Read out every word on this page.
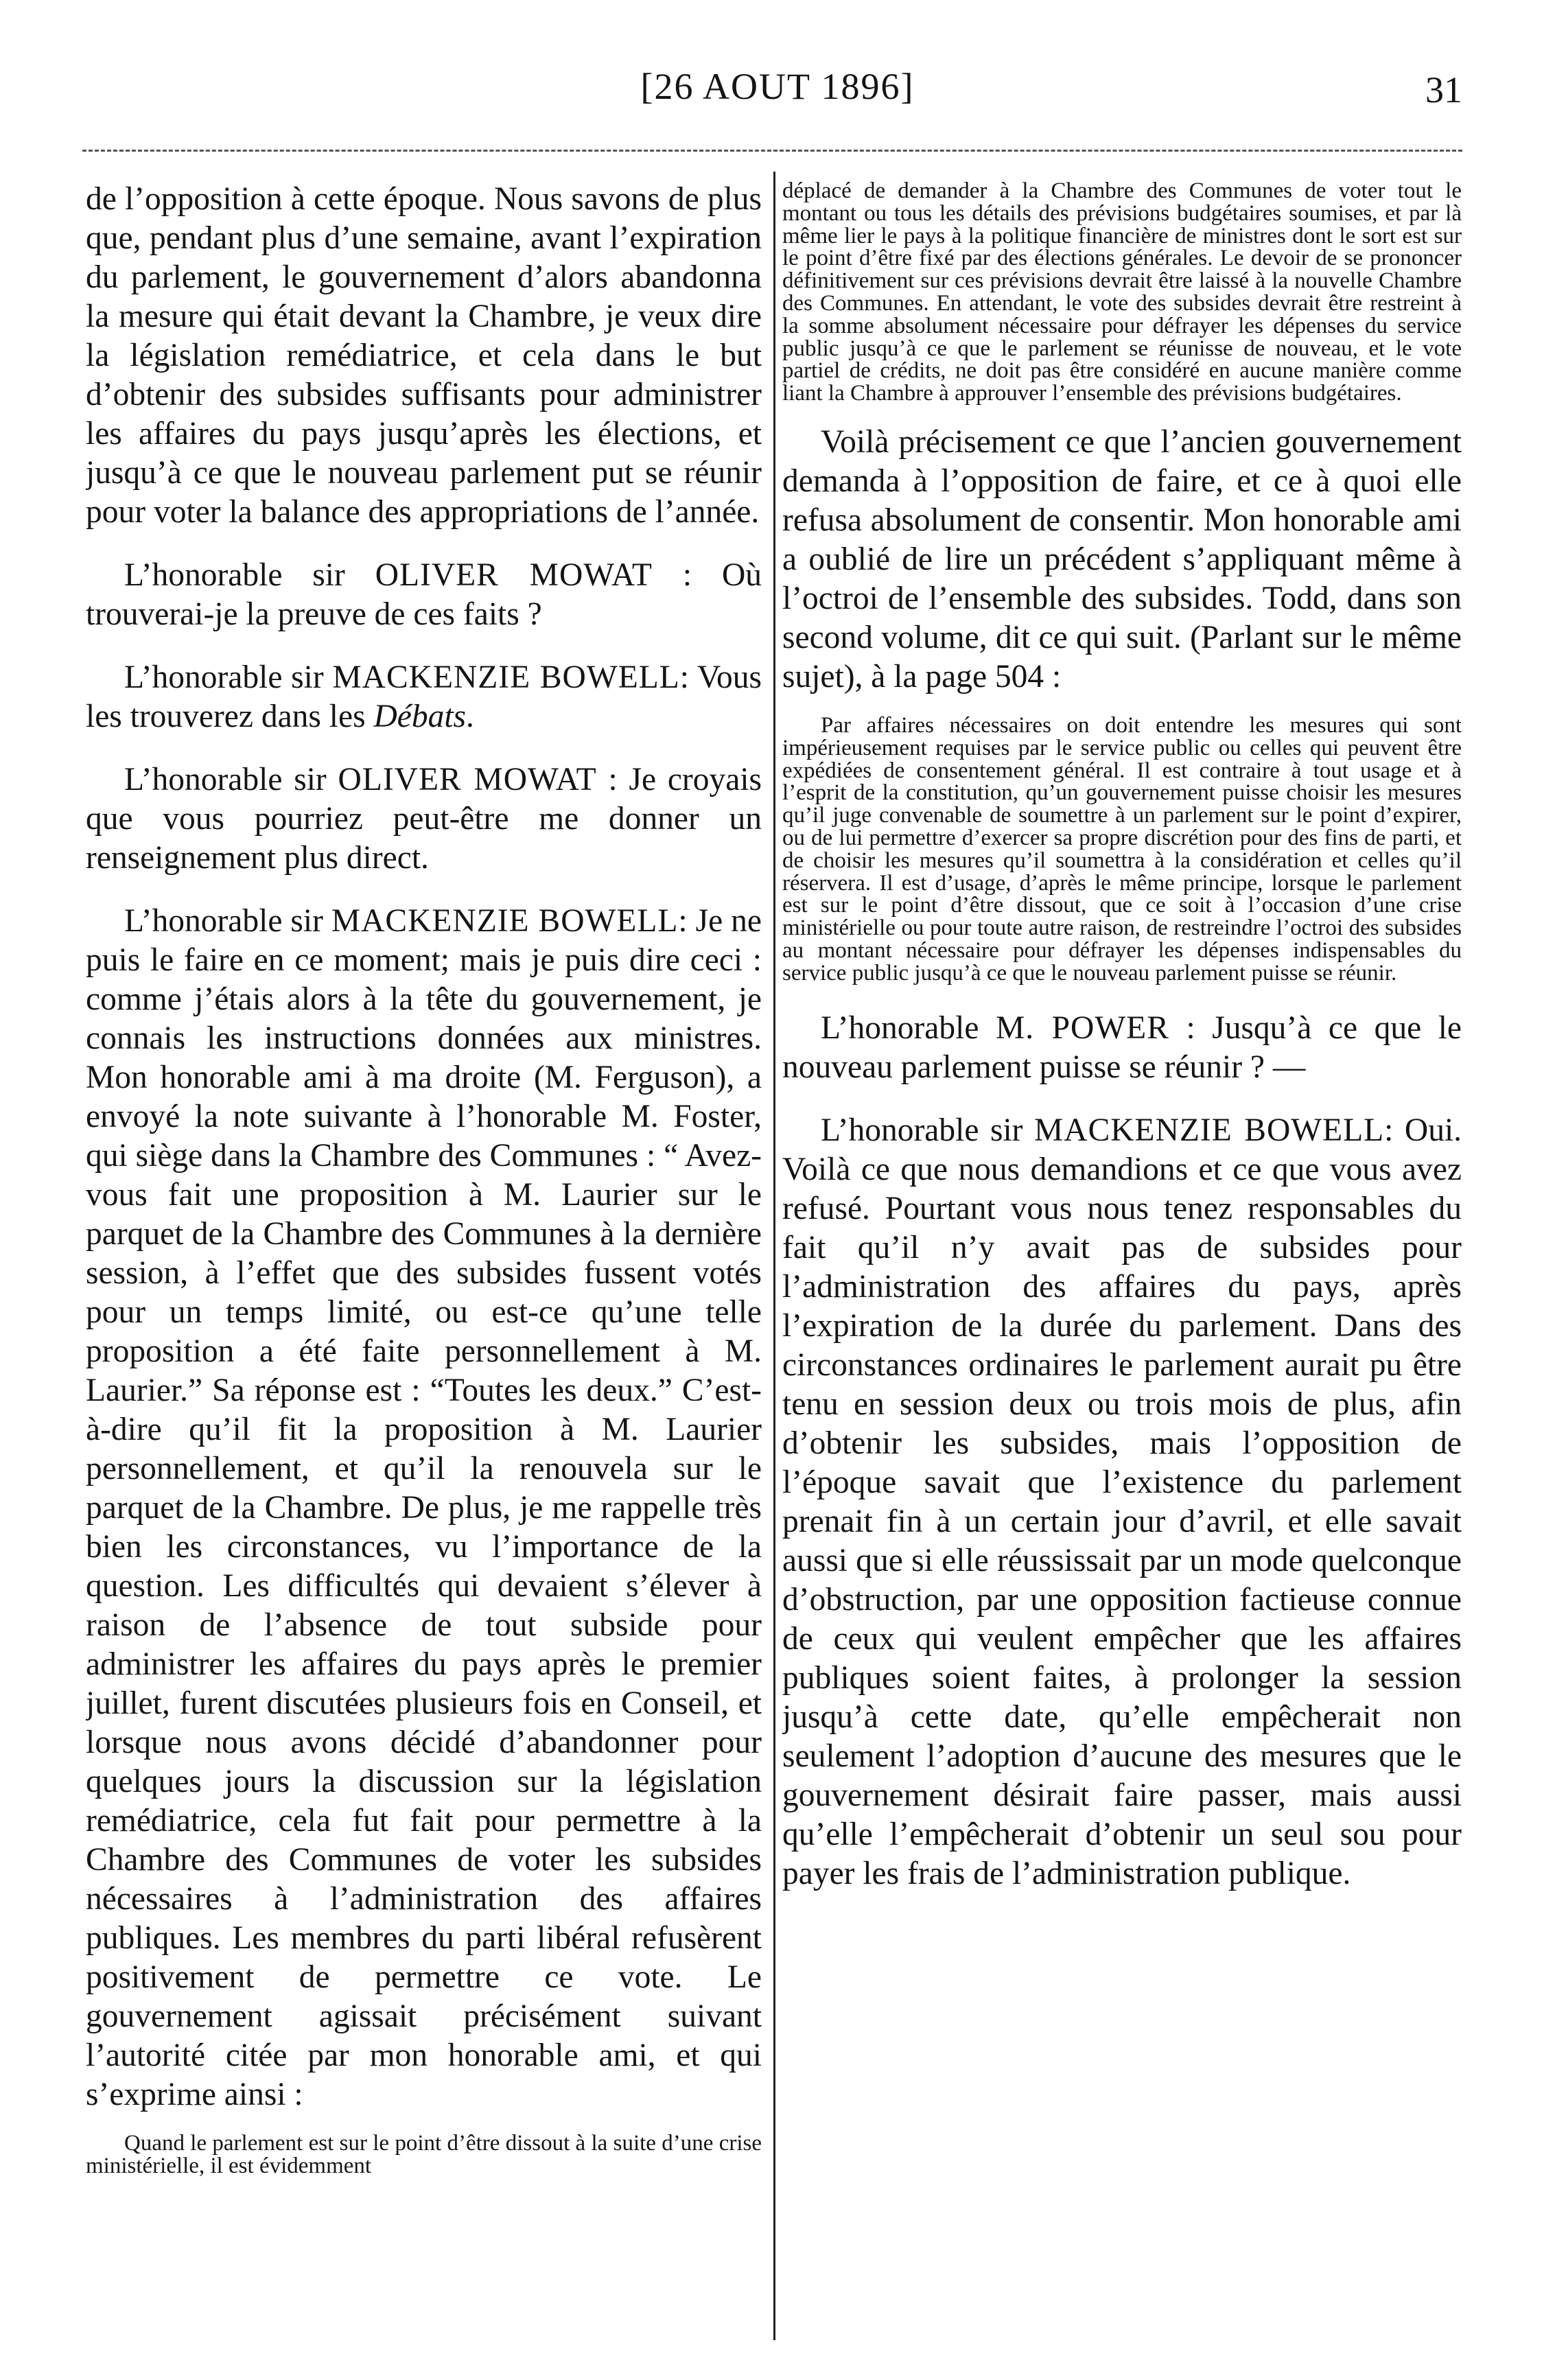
[26 AOUT 1896]	31

de l’opposition à cette époque. Nous savons de plus que, pendant plus d’une semaine, avant l’expiration du parlement, le gouvernement d’alors abandonna la mesure qui était devant la Chambre, je veux dire la législation remédiatrice, et cela dans le but d’obtenir des subsides suffisants pour administrer les affaires du pays jusqu’après les élections, et jusqu’à ce que le nouveau parlement put se réunir pour voter la balance des appropriations de l’année.

L’honorable sir OLIVER MOWAT : Où trouverai-je la preuve de ces faits ?

L’honorable sir MACKENZIE BOWELL: Vous les trouverez dans les Débats.

L’honorable sir OLIVER MOWAT : Je croyais que vous pourriez peut-être me donner un renseignement plus direct.

L’honorable sir MACKENZIE BOWELL: Je ne puis le faire en ce moment; mais je puis dire ceci : comme j’étais alors à la tête du gouvernement, je connais les instructions données aux ministres. Mon honorable ami à ma droite (M. Ferguson), a envoyé la note suivante à l’honorable M. Foster, qui siège dans la Chambre des Communes : “ Avez-vous fait une proposition à M. Laurier sur le parquet de la Chambre des Communes à la dernière session, à l’effet que des subsides fussent votés pour un temps limité, ou est-ce qu’une telle proposition a été faite personnellement à M. Laurier.” Sa réponse est : “Toutes les deux.” C’est-à-dire qu’il fit la proposition à M. Laurier personnellement, et qu’il la renouvela sur le parquet de la Chambre. De plus, je me rappelle très bien les circonstances, vu l’importance de la question. Les difficultés qui devaient s’élever à raison de l’absence de tout subside pour administrer les affaires du pays après le premier juillet, furent discutées plusieurs fois en Conseil, et lorsque nous avons décidé d’abandonner pour quelques jours la discussion sur la législation remédiatrice, cela fut fait pour permettre à la Chambre des Communes de voter les subsides nécessaires à l’administration des affaires publiques. Les membres du parti libéral refusèrent positivement de permettre ce vote. Le gouvernement agissait précisément suivant l’autorité citée par mon honorable ami, et qui s’exprime ainsi :

Quand le parlement est sur le point d’être dissout à la suite d’une crise ministérielle, il est évidemment

déplacé de demander à la Chambre des Communes de voter tout le montant ou tous les détails des prévisions budgétaires soumises, et par là même lier le pays à la politique financière de ministres dont le sort est sur le point d’être fixé par des élections générales. Le devoir de se prononcer définitivement sur ces prévisions devrait être laissé à la nouvelle Chambre des Communes. En attendant, le vote des subsides devrait être restreint à la somme absolument nécessaire pour défrayer les dépenses du service public jusqu’à ce que le parlement se réunisse de nouveau, et le vote partiel de crédits, ne doit pas être considéré en aucune manière comme liant la Chambre à approuver l’ensemble des prévisions budgétaires.

Voilà précisement ce que l’ancien gouvernement demanda à l’opposition de faire, et ce à quoi elle refusa absolument de consentir. Mon honorable ami a oublié de lire un précédent s’appliquant même à l’octroi de l’ensemble des subsides. Todd, dans son second volume, dit ce qui suit. (Parlant sur le même sujet), à la page 504 :

Par affaires nécessaires on doit entendre les mesures qui sont impérieusement requises par le service public ou celles qui peuvent être expédiées de consentement général. Il est contraire à tout usage et à l’esprit de la constitution, qu’un gouvernement puisse choisir les mesures qu’il juge convenable de soumettre à un parlement sur le point d’expirer, ou de lui permettre d’exercer sa propre discrétion pour des fins de parti, et de choisir les mesures qu’il soumettra à la considération et celles qu’il réservera. Il est d’usage, d’après le même principe, lorsque le parlement est sur le point d’être dissout, que ce soit à l’occasion d’une crise ministérielle ou pour toute autre raison, de restreindre l’octroi des subsides au montant nécessaire pour défrayer les dépenses indispensables du service public jusqu’à ce que le nouveau parlement puisse se réunir.

L’honorable M. POWER : Jusqu’à ce que le nouveau parlement puisse se réunir ? —

L’honorable sir MACKENZIE BOWELL: Oui. Voilà ce que nous demandions et ce que vous avez refusé. Pourtant vous nous tenez responsables du fait qu’il n’y avait pas de subsides pour l’administration des affaires du pays, après l’expiration de la durée du parlement. Dans des circonstances ordinaires le parlement aurait pu être tenu en session deux ou trois mois de plus, afin d’obtenir les subsides, mais l’opposition de l’époque savait que l’existence du parlement prenait fin à un certain jour d’avril, et elle savait aussi que si elle réussissait par un mode quelconque d’obstruction, par une opposition factieuse connue de ceux qui veulent empêcher que les affaires publiques soient faites, à prolonger la session jusqu’à cette date, qu’elle empêcherait non seulement l’adoption d’aucune des mesures que le gouvernement désirait faire passer, mais aussi qu’elle l’empêcherait d’obtenir un seul sou pour payer les frais de l’administration publique.
